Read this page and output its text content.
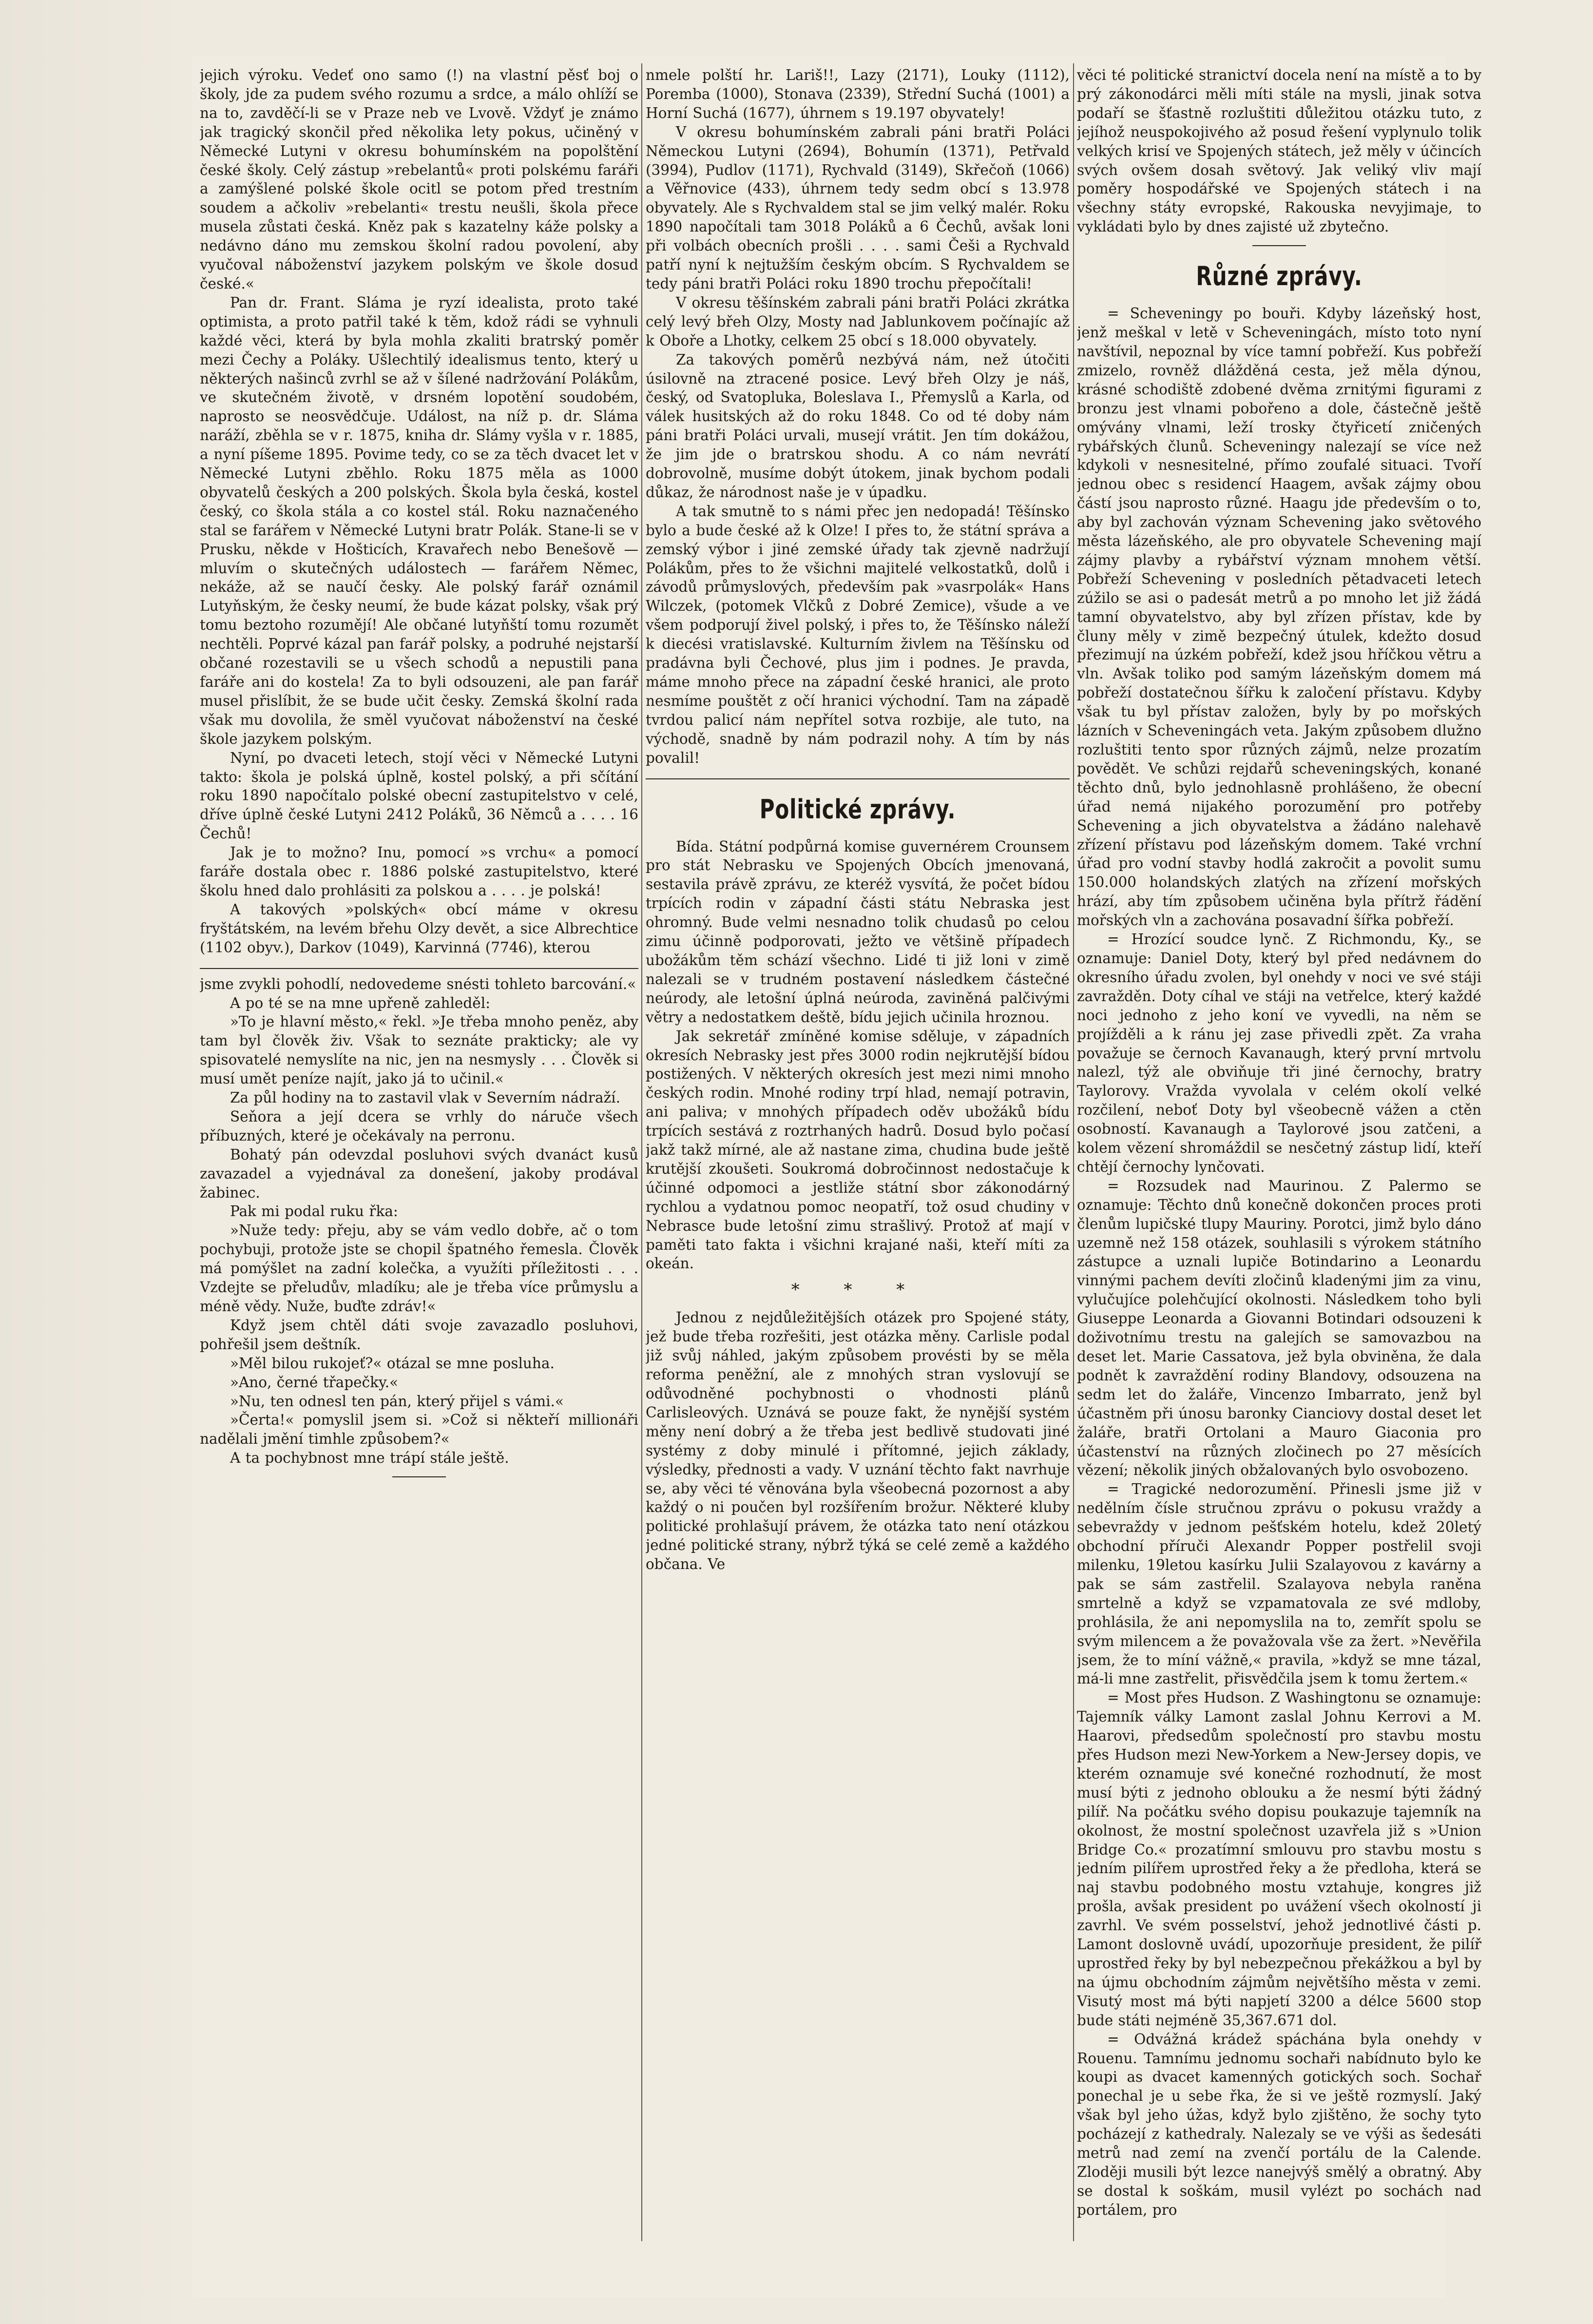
jejich výroku. Vedeť ono samo (!) na vlastní pěsť boj o školy, jde za pudem svého rozumu a srdce, a málo ohlíží se na to, zavděčí-li se v Praze neb ve Lvově. Vždyť je známo jak tragický skončil před několika lety pokus, učiněný v Německé Lutyni v okresu bohumínském na popolštění české školy. Celý zástup »rebelantů« proti polskému faráři a zamýšlené polské škole ocitl se potom před trestním soudem a ačkoliv »rebelanti« trestu neušli, škola přece musela zůstati česká. Kněz pak s kazatelny káže polsky a nedávno dáno mu zemskou školní radou povolení, aby vyučoval náboženství jazykem polským ve škole dosud české.«

Pan dr. Frant. Sláma je ryzí idealista, proto také optimista, a proto patřil také k těm, kdož rádi se vyhnuli každé věci, která by byla mohla zkaliti bratrský poměr mezi Čechy a Poláky. Ušlechtilý idealismus tento, který u některých našinců zvrhl se až v šílené nadržování Polákům, ve skutečném životě, v drsném lopotění soudobém, naprosto se neosvědčuje. Událost, na níž p. dr. Sláma naráží, zběhla se v r. 1875, kniha dr. Slámy vyšla v r. 1885, a nyní píšeme 1895. Povime tedy, co se za těch dvacet let v Německé Lutyni zběhlo. Roku 1875 měla as 1000 obyvatelů českých a 200 polských. Škola byla česká, kostel český, co škola stála a co kostel stál. Roku naznačeného stal se farářem v Německé Lutyni bratr Polák. Stane-li se v Prusku, někde v Hošticích, Kravařech nebo Benešově — mluvím o skutečných událostech — farářem Němec, nekáže, až se naučí česky. Ale polský farář oznámil Lutyňským, že česky neumí, že bude kázat polsky, však prý tomu beztoho rozumějí! Ale občané lutyňští tomu rozumět nechtěli. Poprvé kázal pan farář polsky, a podruhé nejstarší občané rozestavili se u všech schodů a nepustili pana faráře ani do kostela! Za to byli odsouzeni, ale pan farář musel přislíbit, že se bude učit česky. Zemská školní rada však mu dovolila, že směl vyučovat náboženství na české škole jazykem polským.

Nyní, po dvaceti letech, stojí věci v Německé Lutyni takto: škola je polská úplně, kostel polský, a při sčítání roku 1890 napočítalo polské obecní zastupitelstvo v celé, dříve úplně české Lutyni 2412 Poláků, 36 Němců a . . . . 16 Čechů!

Jak je to možno? Inu, pomocí »s vrchu« a pomocí faráře dostala obec r. 1886 polské zastupitelstvo, které školu hned dalo prohlásiti za polskou a . . . . je polská!

A takových »polských« obcí máme v okresu fryštátském, na levém břehu Olzy devět, a sice Albrechtice (1102 obyv.), Darkov (1049), Karvinná (7746), kterou

jsme zvykli pohodlí, nedovedeme snésti tohleto barcování.«

A po té se na mne upřeně zahleděl:

»To je hlavní město,« řekl. »Je třeba mnoho peněz, aby tam byl člověk živ. Však to seznáte prakticky; ale vy spisovatelé nemyslíte na nic, jen na nesmysly . . . Člověk si musí umět peníze najít, jako já to učinil.«

Za půl hodiny na to zastavil vlak v Severním nádraží.

Seňora a její dcera se vrhly do náruče všech příbuzných, které je očekávaly na perronu.

Bohatý pán odevzdal posluhovi svých dvanáct kusů zavazadel a vyjednával za donešení, jakoby prodával žabinec.

Pak mi podal ruku řka:

»Nuže tedy: přeju, aby se vám vedlo dobře, ač o tom pochybuji, protože jste se chopil špatného řemesla. Člověk má pomýšlet na zadní kolečka, a využíti příležitosti . . . Vzdejte se přeludův, mladíku; ale je třeba více průmyslu a méně vědy. Nuže, buďte zdráv!«

Když jsem chtěl dáti svoje zavazadlo posluhovi, pohřešil jsem deštník.

»Měl bilou rukojeť?« otázal se mne posluha.

»Ano, černé třapečky.«

»Nu, ten odnesl ten pán, který přijel s vámi.«

»Čerta!« pomyslil jsem si. »Což si někteří millionáři nadělali jmění timhle způsobem?«

A ta pochybnost mne trápí stále ještě.

nmele polští hr. Lariš!!, Lazy (2171), Louky (1112), Poremba (1000), Stonava (2339), Střední Suchá (1001) a Horní Suchá (1677), úhrnem s 19.197 obyvately!

V okresu bohumínském zabrali páni bratři Poláci Německou Lutyni (2694), Bohumín (1371), Petřvald (3994), Pudlov (1171), Rychvald (3149), Skřečoň (1066) a Věřnovice (433), úhrnem tedy sedm obcí s 13.978 obyvately. Ale s Rychvaldem stal se jim velký malér. Roku 1890 napočítali tam 3018 Poláků a 6 Čechů, avšak loni při volbách obecních prošli . . . . sami Češi a Rychvald patří nyní k nejtužším českým obcím. S Rychvaldem se tedy páni bratři Poláci roku 1890 trochu přepočítali!

V okresu těšínském zabrali páni bratři Poláci zkrátka celý levý břeh Olzy, Mosty nad Jablunkovem počínajíc až k Oboře a Lhotky, celkem 25 obcí s 18.000 obyvately.

Za takových poměrů nezbývá nám, než útočiti úsilovně na ztracené posice. Levý břeh Olzy je náš, český, od Svatopluka, Boleslava I., Přemyslů a Karla, od válek husitských až do roku 1848. Co od té doby nám páni bratři Poláci urvali, musejí vrátit. Jen tím dokážou, že jim jde o bratrskou shodu. A co nám nevrátí dobrovolně, musíme dobýt útokem, jinak bychom podali důkaz, že národnost naše je v úpadku.

A tak smutně to s námi přec jen nedopadá! Těšínsko bylo a bude české až k Olze! I přes to, že státní správa a zemský výbor i jiné zemské úřady tak zjevně nadržují Polákům, přes to že všichni majitelé velkostatků, dolů i závodů průmyslových, především pak »vasrpolák« Hans Wilczek, (potomek Vlčků z Dobré Zemice), všude a ve všem podporují živel polský, i přes to, že Těšínsko náleží k diecési vratislavské. Kulturním živlem na Těšínsku od pradávna byli Čechové, plus jim i podnes. Je pravda, máme mnoho přece na západní české hranici, ale proto nesmíme pouštět z očí hranici východní. Tam na západě tvrdou palicí nám nepřítel sotva rozbije, ale tuto, na východě, snadně by nám podrazil nohy. A tím by nás povalil!

Politické zprávy.

Bída. Státní podpůrná komise guvernérem Crounsem pro stát Nebrasku ve Spojených Obcích jmenovaná, sestavila právě zprávu, ze kteréž vysvítá, že počet bídou trpících rodin v západní části státu Nebraska jest ohromný. Bude velmi nesnadno tolik chudasů po celou zimu účinně podporovati, ježto ve většině případech ubožákům těm schází všechno. Lidé ti již loni v zimě nalezali se v trudném postavení následkem částečné neúrody, ale letošní úplná neúroda, zaviněná palčivými větry a nedostatkem deště, bídu jejich učinila hroznou.

Jak sekretář zmíněné komise sděluje, v západních okresích Nebrasky jest přes 3000 rodin nejkrutější bídou postižených. V některých okresích jest mezi nimi mnoho českých rodin. Mnohé rodiny trpí hlad, nemají potravin, ani paliva; v mnohých případech oděv ubožáků bídu trpících sestává z roztrhaných hadrů. Dosud bylo počasí jakž takž mírné, ale až nastane zima, chudina bude ještě krutější zkoušeti. Soukromá dobročinnost nedostačuje k účinné odpomoci a jestliže státní sbor zákonodárný rychlou a vydatnou pomoc neopatří, tož osud chudiny v Nebrasce bude letošní zimu strašlivý. Protož ať mají v paměti tato fakta i všichni krajané naši, kteří míti za okeán.

* * *

Jednou z nejdůležitějších otázek pro Spojené státy, jež bude třeba rozřešiti, jest otázka měny. Carlisle podal již svůj náhled, jakým způsobem provésti by se měla reforma peněžní, ale z mnohých stran vyslovují se odůvodněné pochybnosti o vhodnosti plánů Carlisleových. Uznává se pouze fakt, že nynější systém měny není dobrý a že třeba jest bedlivě studovati jiné systémy z doby minulé i přítomné, jejich základy, výsledky, přednosti a vady. V uznání těchto fakt navrhuje se, aby věci té věnována byla všeobecná pozornost a aby každý o ni poučen byl rozšířením brožur. Některé kluby politické prohlašují právem, že otázka tato není otázkou jedné politické strany, nýbrž týká se celé země a každého občana. Ve

věci té politické stranictví docela není na místě a to by prý zákonodárci měli míti stále na mysli, jinak sotva podaří se šťastně rozluštiti důležitou otázku tuto, z jejíhož neuspokojivého až posud řešení vyplynulo tolik velkých krisí ve Spojených státech, jež měly v účincích svých ovšem dosah světový. Jak veliký vliv mají poměry hospodářské ve Spojených státech i na všechny státy evropské, Rakouska nevyjimaje, to vykládati bylo by dnes zajisté už zbytečno.

Různé zprávy.

= Scheveningy po bouři. Kdyby lázeňský host, jenž meškal v letě v Scheveningách, místo toto nyní navštívil, nepoznal by více tamní pobřeží. Kus pobřeží zmizelo, rovněž dlážděná cesta, jež měla dýnou, krásné schodiště zdobené dvěma zrnitými figurami z bronzu jest vlnami pobořeno a dole, částečně ještě omývány vlnami, leží trosky čtyřicetí zničených rybářských člunů. Scheveningy nalezají se více než kdykoli v nesnesitelné, přímo zoufalé situaci. Tvoří jednou obec s residencí Haagem, avšak zájmy obou částí jsou naprosto různé. Haagu jde především o to, aby byl zachován význam Schevening jako světového města lázeňského, ale pro obyvatele Schevening mají zájmy plavby a rybářství význam mnohem větší. Pobřeží Schevening v posledních pětadvaceti letech zúžilo se asi o padesát metrů a po mnoho let již žádá tamní obyvatelstvo, aby byl zřízen přístav, kde by čluny měly v zimě bezpečný útulek, kdežto dosud přezimují na úzkém pobřeží, kdež jsou hříčkou větru a vln. Avšak toliko pod samým lázeňským domem má pobřeží dostatečnou šířku k zaločení přístavu. Kdyby však tu byl přístav založen, byly by po mořských lázních v Scheveningách veta. Jakým způsobem dlužno rozluštiti tento spor různých zájmů, nelze prozatím povědět. Ve schůzi rejdařů scheveningských, konané těchto dnů, bylo jednohlasně prohlášeno, že obecní úřad nemá nijakého porozumění pro potřeby Schevening a jich obyvatelstva a žádáno nalehavě zřízení přístavu pod lázeňským domem. Také vrchní úřad pro vodní stavby hodlá zakročit a povolit sumu 150.000 holandských zlatých na zřízení mořských hrází, aby tím způsobem učiněna byla přítrž řádění mořských vln a zachována posavadní šířka pobřeží.

= Hrozící soudce lynč. Z Richmondu, Ky., se oznamuje: Daniel Doty, který byl před nedávnem do okresního úřadu zvolen, byl onehdy v noci ve své stáji zavražděn. Doty cíhal ve stáji na vetřelce, který každé noci jednoho z jeho koní ve vyvedli, na něm se projížděli a k ránu jej zase přivedli zpět. Za vraha považuje se černoch Kavanaugh, který první mrtvolu nalezl, týž ale obviňuje tři jiné černochy, bratry Taylorovy. Vražda vyvolala v celém okolí velké rozčilení, neboť Doty byl všeobecně vážen a ctěn osobností. Kavanaugh a Taylorové jsou zatčeni, a kolem vězení shromáždil se nesčetný zástup lidí, kteří chtějí černochy lynčovati.

= Rozsudek nad Maurinou. Z Palermo se oznamuje: Těchto dnů konečně dokončen proces proti členům lupičské tlupy Mauriny. Porotci, jimž bylo dáno uzemně než 158 otázek, souhlasili s výrokem státního zástupce a uznali lupiče Botindarino a Leonardu vinnými pachem devíti zločinů kladenými jim za vinu, vylučujíce polehčující okolnosti. Následkem toho byli Giuseppe Leonarda a Giovanni Botindari odsouzeni k doživotnímu trestu na galejích se samovazbou na deset let. Marie Cassatova, jež byla obviněna, že dala podnět k zavraždění rodiny Blandovy, odsouzena na sedm let do žaláře, Vincenzo Imbarrato, jenž byl účastněm při únosu baronky Cianciovy dostal deset let žaláře, bratři Ortolani a Mauro Giaconia pro účastenství na různých zločinech po 27 měsících vězení; několik jiných obžalovaných bylo osvobozeno.

= Tragické nedorozumění. Přinesli jsme již v nedělním čísle stručnou zprávu o pokusu vraždy a sebevraždy v jednom pešťském hotelu, kdež 20letý obchodní příruči Alexandr Popper postřelil svoji milenku, 19letou kasírku Julii Szalayovou z kavárny a pak se sám zastřelil. Szalayova nebyla raněna smrtelně a když se vzpamatovala ze své mdloby, prohlásila, že ani nepomyslila na to, zemřít spolu se svým milencem a že považovala vše za žert. »Nevěřila jsem, že to míní vážně,« pravila, »když se mne tázal, má-li mne zastřelit, přisvědčila jsem k tomu žertem.«

= Most přes Hudson. Z Washingtonu se oznamuje: Tajemník války Lamont zaslal Johnu Kerrovi a M. Haarovi, předsedům společností pro stavbu mostu přes Hudson mezi New-Yorkem a New-Jersey dopis, ve kterém oznamuje své konečné rozhodnutí, že most musí býti z jednoho oblouku a že nesmí býti žádný pilíř. Na počátku svého dopisu poukazuje tajemník na okolnost, že mostní společnost uzavřela již s »Union Bridge Co.« prozatímní smlouvu pro stavbu mostu s jedním pilířem uprostřed řeky a že předloha, která se naj stavbu podobného mostu vztahuje, kongres již prošla, avšak president po uvážení všech okolností ji zavrhl. Ve svém posselství, jehož jednotlivé části p. Lamont doslovně uvádí, upozorňuje president, že pilíř uprostřed řeky by byl nebezpečnou překážkou a byl by na újmu obchodním zájmům největšího města v zemi. Visutý most má býti napjetí 3200 a délce 5600 stop bude státi nejméně 35,367.671 dol.

= Odvážná krádež spáchána byla onehdy v Rouenu. Tamnímu jednomu sochaři nabídnuto bylo ke koupi as dvacet kamenných gotických soch. Sochař ponechal je u sebe řka, že si ve ještě rozmyslí. Jaký však byl jeho úžas, když bylo zjištěno, že sochy tyto pocházejí z kathedraly. Nalezaly se ve výši as šedesáti metrů nad zemí na zvenčí portálu de la Calende. Zloději musili být lezce nanejvýš smělý a obratný. Aby se dostal k soškám, musil vylézt po sochách nad portálem, pro
